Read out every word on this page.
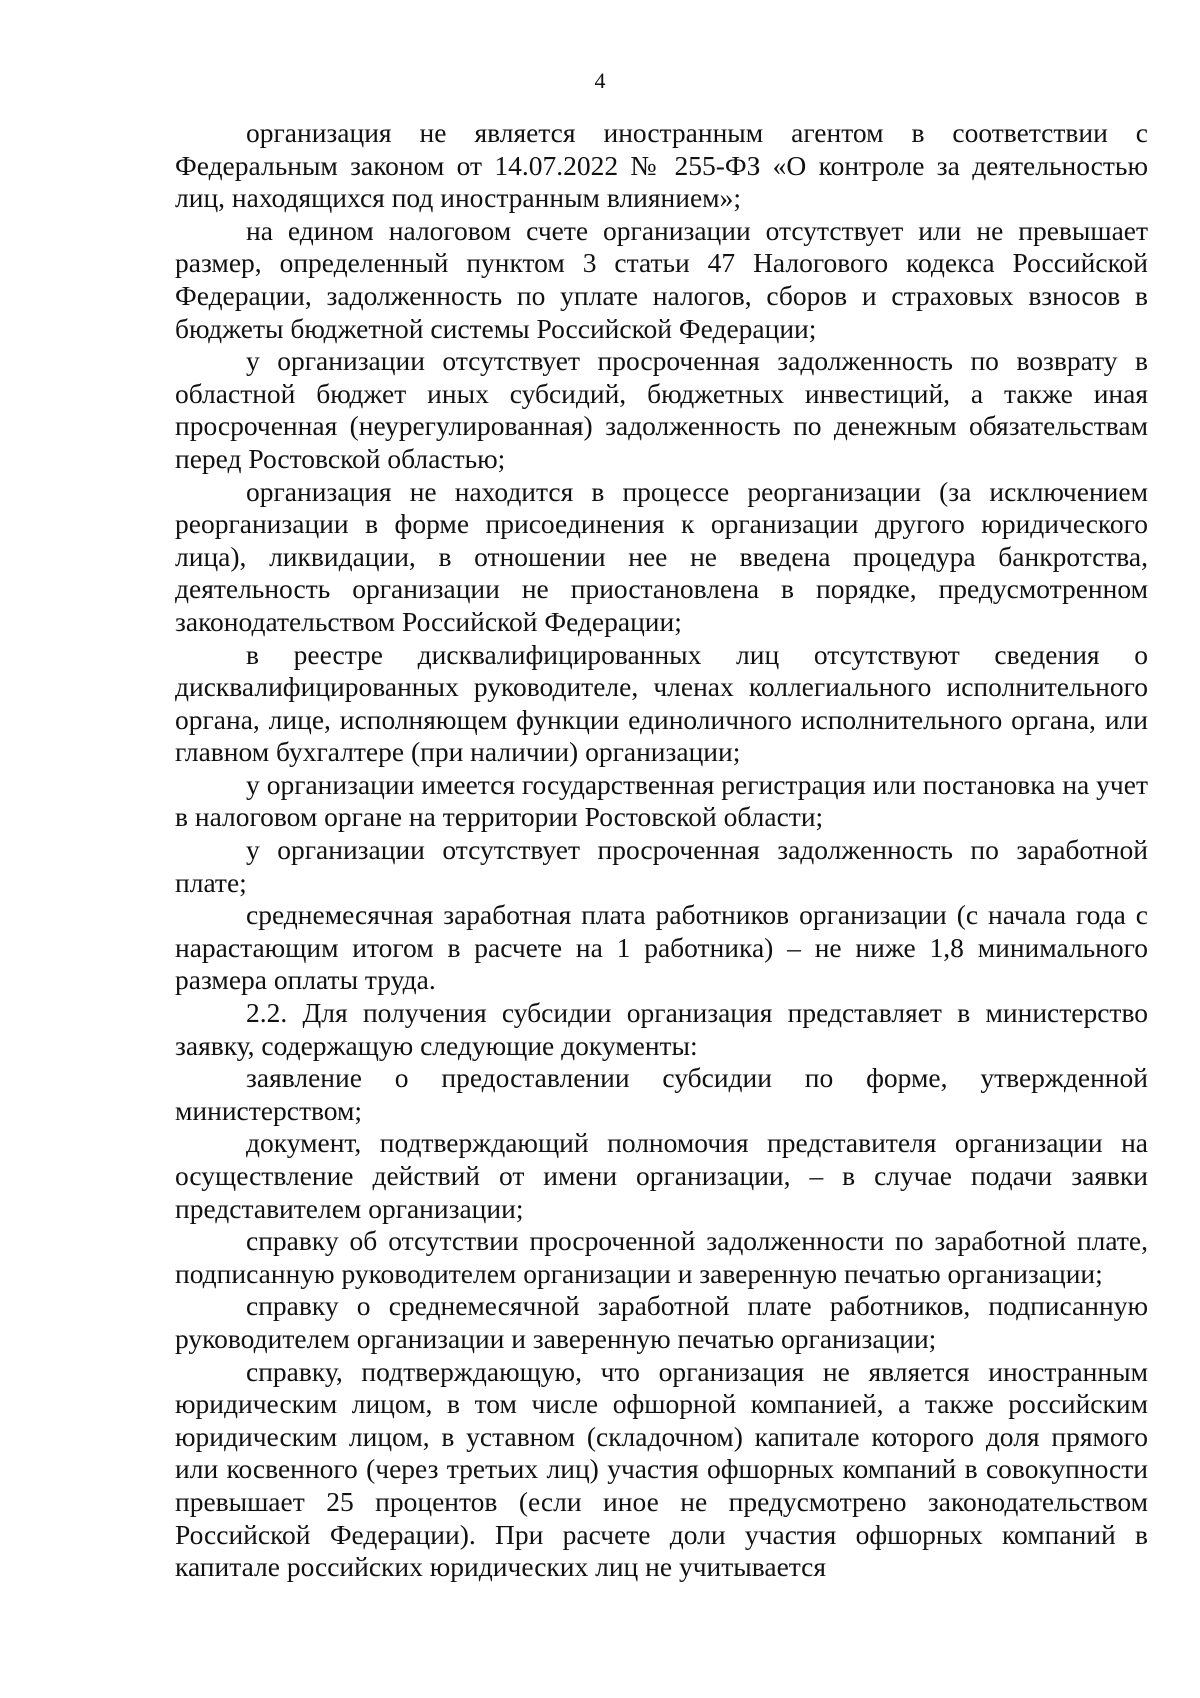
4

организация не является иностранным агентом в соответствии с Федеральным законом от 14.07.2022 № 255-ФЗ «О контроле за деятельностью лиц, находящихся под иностранным влиянием»;

на едином налоговом счете организации отсутствует или не превышает размер, определенный пунктом 3 статьи 47 Налогового кодекса Российской Федерации, задолженность по уплате налогов, сборов и страховых взносов в бюджеты бюджетной системы Российской Федерации;

у организации отсутствует просроченная задолженность по возврату в областной бюджет иных субсидий, бюджетных инвестиций, а также иная просроченная (неурегулированная) задолженность по денежным обязательствам перед Ростовской областью;

организация не находится в процессе реорганизации (за исключением реорганизации в форме присоединения к организации другого юридического лица), ликвидации, в отношении нее не введена процедура банкротства, деятельность организации не приостановлена в порядке, предусмотренном законодательством Российской Федерации;

в реестре дисквалифицированных лиц отсутствуют сведения о дисквалифицированных руководителе, членах коллегиального исполнительного органа, лице, исполняющем функции единоличного исполнительного органа, или главном бухгалтере (при наличии) организации;

у организации имеется государственная регистрация или постановка на учет в налоговом органе на территории Ростовской области;

у организации отсутствует просроченная задолженность по заработной плате;

среднемесячная заработная плата работников организации (с начала года с нарастающим итогом в расчете на 1 работника) – не ниже 1,8 минимального размера оплаты труда.

2.2. Для получения субсидии организация представляет в министерство заявку, содержащую следующие документы:

заявление о предоставлении субсидии по форме, утвержденной министерством;

документ, подтверждающий полномочия представителя организации на осуществление действий от имени организации, – в случае подачи заявки представителем организации;

справку об отсутствии просроченной задолженности по заработной плате, подписанную руководителем организации и заверенную печатью организации;

справку о среднемесячной заработной плате работников, подписанную руководителем организации и заверенную печатью организации;

справку, подтверждающую, что организация не является иностранным юридическим лицом, в том числе офшорной компанией, а также российским юридическим лицом, в уставном (складочном) капитале которого доля прямого или косвенного (через третьих лиц) участия офшорных компаний в совокупности превышает 25 процентов (если иное не предусмотрено законодательством Российской Федерации). При расчете доли участия офшорных компаний в капитале российских юридических лиц не учитывается
